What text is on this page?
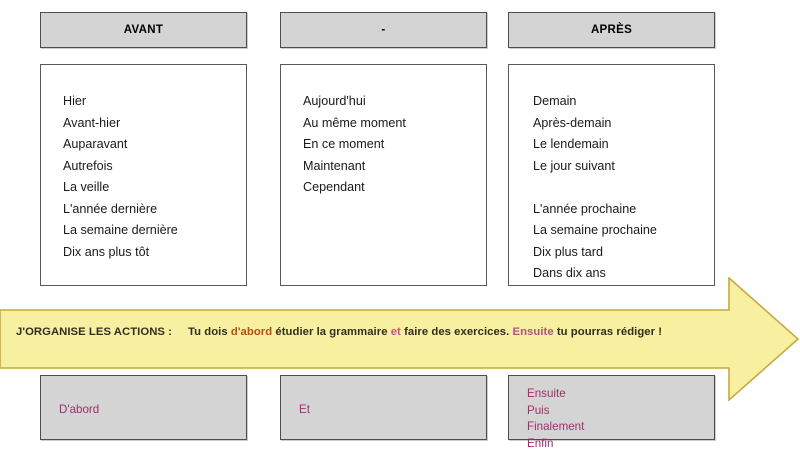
AVANT	-	APRÈS
Hier
Avant-hier
Auparavant
Autrefois
La veille
L'année dernière
La semaine dernière
Dix ans plus tôt
Aujourd'hui
Au même moment
En ce moment
Maintenant
Cependant
Demain
Après-demain
Le lendemain
Le jour suivant
L'année prochaine
La semaine prochaine
Dix plus tard
Dans dix ans
J'ORGANISE LES ACTIONS : Tu dois d'abord étudier la grammaire et faire des exercices. Ensuite tu pourras rédiger !
D'abord	Et
Ensuite
Puis
Finalement
Enfin
